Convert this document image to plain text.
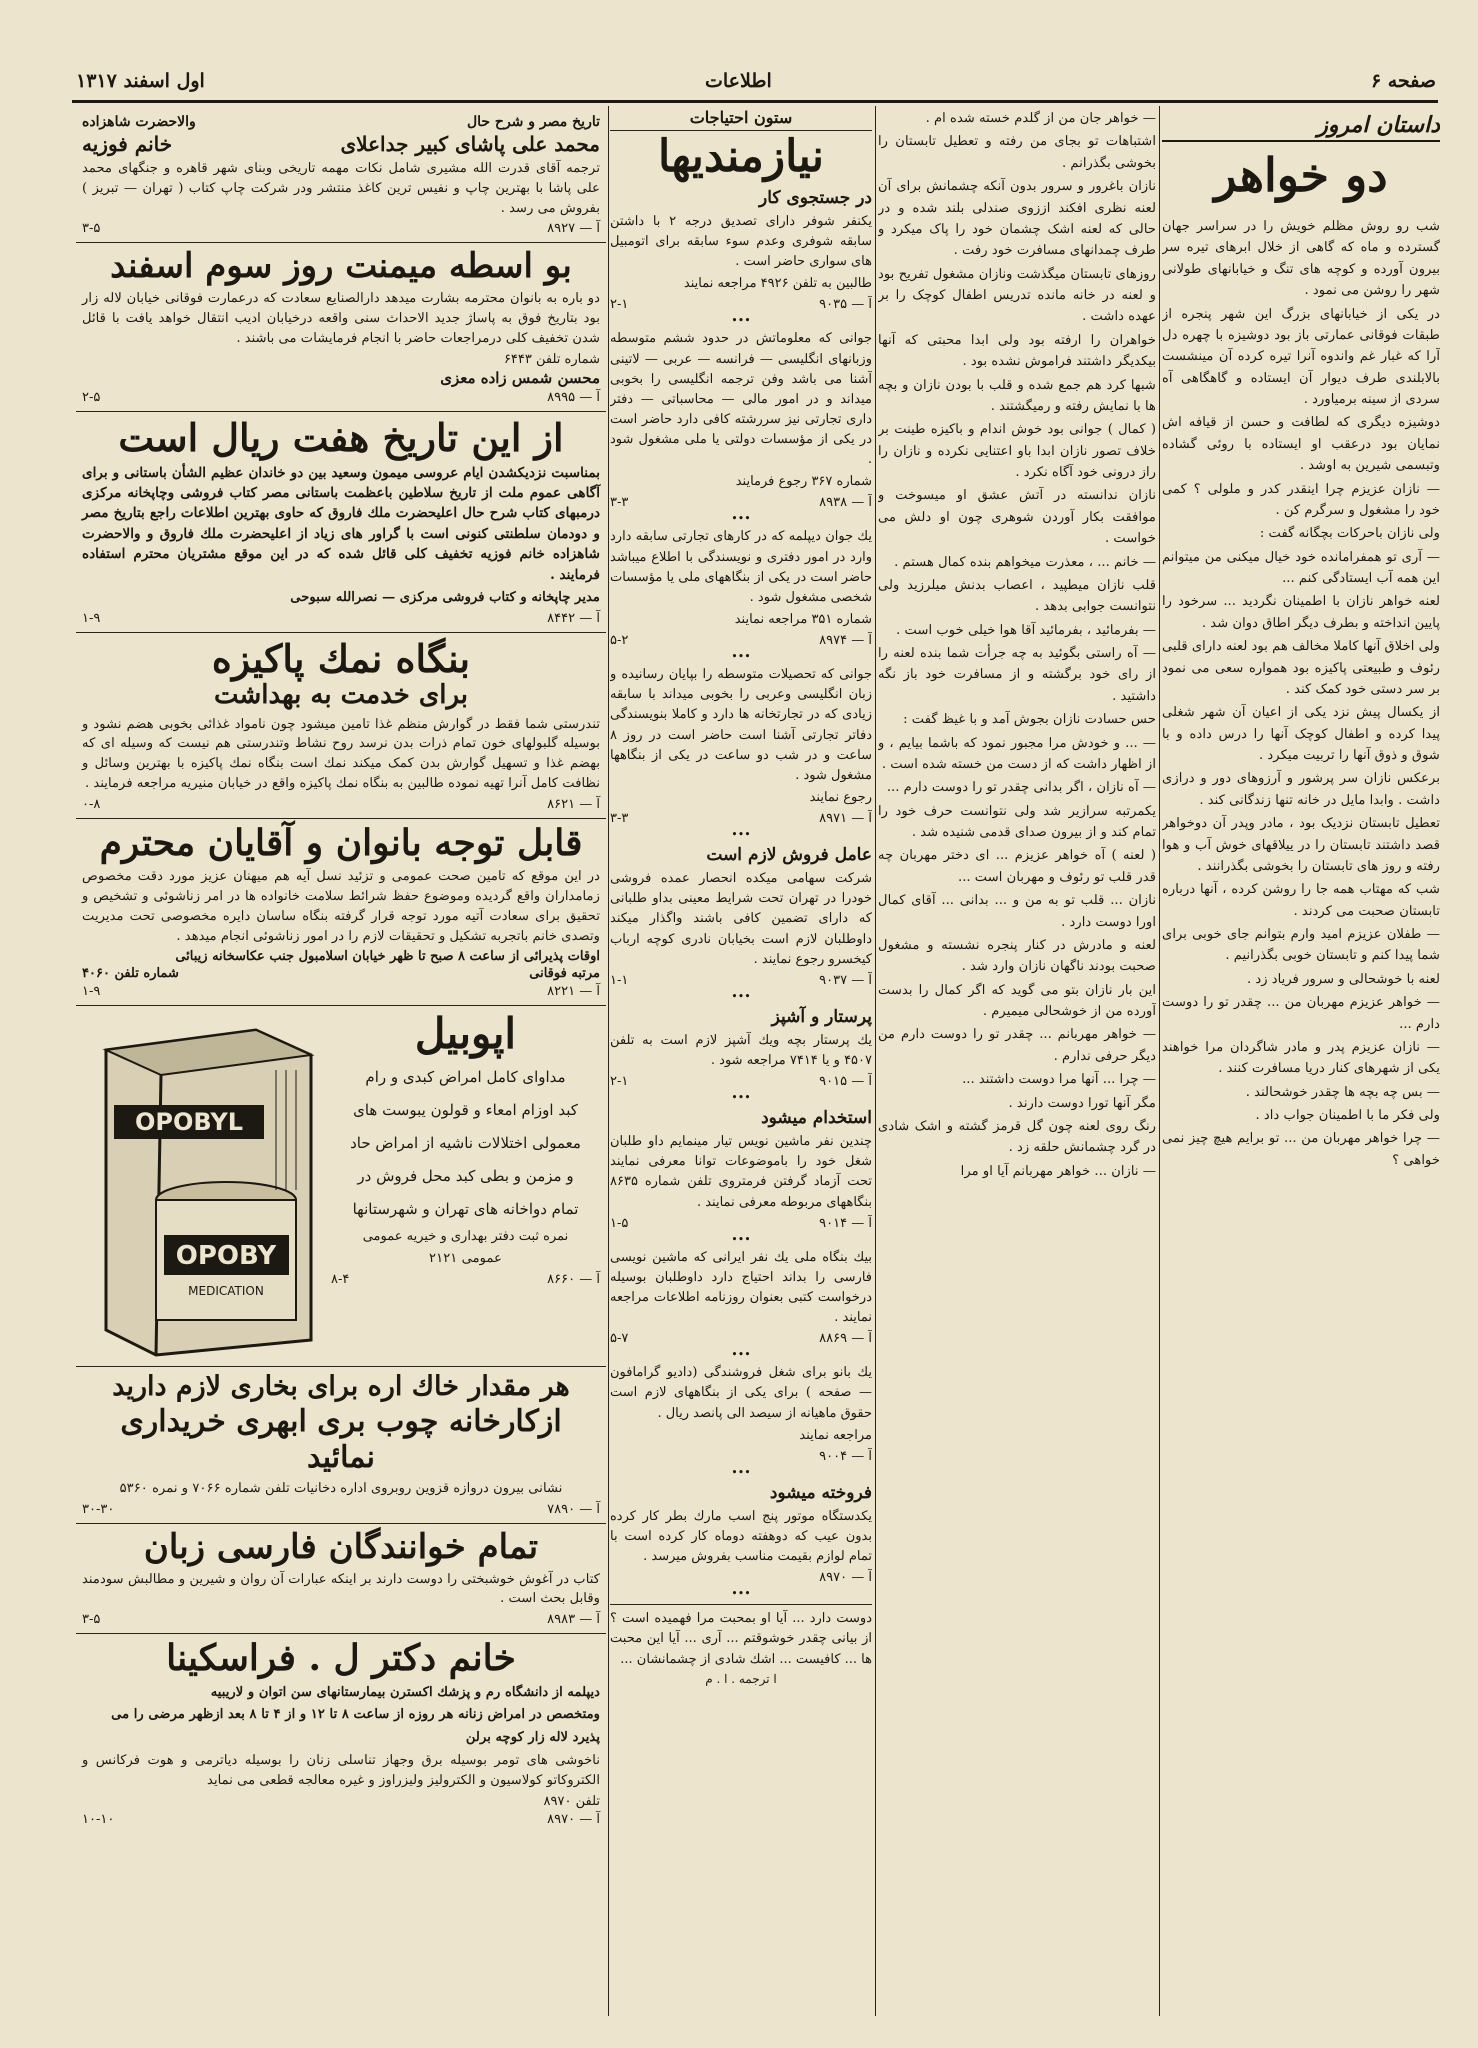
صفحه ۶
اطلاعات
اول اسفند ۱۳۱۷
داستان امروز
دو خواهر

شب رو روش مظلم خویش را در سراسر جهان گسترده و ماه که گاهی از خلال ابرهای تیره سر بیرون آورده و کوچه های تنگ و خیابانهای طولانی شهر را روشن می نمود .

در یکی از خیابانهای بزرگ این شهر پنجره از طبقات فوقانی عمارتی باز بود دوشیزه با چهره دل آرا که غبار غم واندوه آنرا تیره کرده آن مینشست بالابلندی طرف دیوار آن ایستاده و گاهگاهی آه سردی از سینه برمیاورد .

دوشیزه دیگری که لطافت و حسن از قیافه اش نمایان بود درعقب او ایستاده با روئی گشاده وتبسمی شیرین به اوشد .

— نازان عزیزم چرا اینقدر کدر و ملولی ؟ کمی خود را مشغول و سرگرم کن .

ولی نازان باحرکات بچگانه گفت :

— آری تو همفرامانده خود خیال میکنی من میتوانم این همه آب ایستادگی کنم ...

لعنه خواهر نازان با اطمینان نگردید ... سرخود را پایین انداخته و بطرف دیگر اطاق دوان شد .

ولی اخلاق آنها کاملا مخالف هم بود لعنه دارای قلبی رئوف و طبیعتی پاکیزه بود همواره سعی می نمود بر سر دستی خود کمک کند .

از یکسال پیش نزد یکی از اعیان آن شهر شغلی پیدا کرده و اطفال کوچک آنها را درس داده و با شوق و ذوق آنها را تربیت میکرد .

برعکس نازان سر پرشور و آرزوهای دور و درازی داشت . وابدا مایل در خانه تنها زندگانی کند .

تعطیل تابستان نزدیک بود ، مادر وپدر آن دوخواهر قصد داشتند تابستان را در ییلاقهای خوش آب و هوا رفته و روز های تابستان را بخوشی بگذرانند .

شب که مهتاب همه جا را روشن کرده ، آنها درباره تابستان صحبت می کردند .

— طفلان عزیزم امید وارم بتوانم جای خوبی برای شما پیدا کنم و تابستان خوبی بگذرانیم .

لعنه با خوشحالی و سرور فریاد زد .

— خواهر عزیزم مهربان من ... چقدر تو را دوست دارم ...

— نازان عزیزم پدر و مادر شاگردان مرا خواهند یکی از شهرهای کنار دریا مسافرت کنند .

— بس چه بچه ها چقدر خوشحالند .

ولی فکر ما با اطمینان جواب داد .

— چرا خواهر مهربان من ... تو برایم هیچ چیز نمی خواهی ؟

— خواهر جان من از گلدم خسته شده ام .

اشتباهات تو بجای من رفته و تعطیل تابستان را بخوشی بگذرانم .

نازان باغرور و سرور بدون آنکه چشمانش برای آن لعنه نظری افکند اززوی صندلی بلند شده و در حالی که لعنه اشک چشمان خود را پاک میکرد و طرف چمدانهای مسافرت خود رفت .

روزهای تابستان میگذشت ونازان مشغول تفریح بود و لعنه در خانه مانده تدریس اطفال کوچک را بر عهده داشت .

خواهران را ارفته بود ولی ابدا محبتی که آنها بیکدیگر داشتند فراموش نشده بود .

شبها کرد هم جمع شده و قلب با بودن نازان و بچه ها با نمایش رفته و رمیگشتند .

( کمال ) جوانی بود خوش اندام و باکیزه طینت بر خلاف تصور نازان ابدا باو اعتنایی نکرده و نازان را راز درونی خود آگاه نکرد .

نازان ندانسته در آتش عشق او میسوخت و موافقت بکار آوردن شوهری چون او دلش می خواست .

— خانم ... ، معذرت میخواهم بنده کمال هستم .

قلب نازان میطپید ، اعصاب بدنش میلرزید ولی نتوانست جوابی بدهد .

— بفرمائید ، بفرمائید آقا هوا خیلی خوب است .

— آه راستی بگوئید به چه جرأت شما بنده لعنه را از رای خود برگشته و از مسافرت خود باز نگه داشتید .

حس حسادت نازان بجوش آمد و با غیظ گفت :

— ... و خودش مرا مجبور نمود که باشما بیایم ، و از اظهار داشت که از دست من خسته شده است .

— آه نازان ، اگر بدانی چقدر تو را دوست دارم ...

یکمرتبه سرازیر شد ولی نتوانست حرف خود را تمام کند و از بیرون صدای قدمی شنیده شد .

( لعنه ) آه خواهر عزیزم ... ای دختر مهربان چه قدر قلب تو رئوف و مهربان است ...

نازان ... قلب تو به من و ... بدانی ... آقای کمال اورا دوست دارد .

لعنه و مادرش در کنار پنجره نشسته و مشغول صحبت بودند ناگهان نازان وارد شد .

این بار نازان بتو می گوید که اگر کمال را بدست آورده من از خوشحالی میمیرم .

— خواهر مهربانم ... چقدر تو را دوست دارم من دیگر حرفی ندارم .

— چرا ... آنها مرا دوست داشتند ...

مگر آنها تورا دوست دارند .

رنگ روی لعنه چون گل قرمز گشته و اشک شادی در گرد چشمانش حلقه زد .

— نازان ... خواهر مهربانم آیا او مرا

ستون احتیاجات
نیازمندیها
در جستجوی کار
یکنفر شوفر دارای تصدیق درجه ۲ با داشتن سابقه شوفری وعدم سوء سابقه برای اتومبیل های سواری حاضر است .
طالبین به تلفن ۴۹۲۶ مراجعه نمایند
آ — ۹۰۳۵
۲-۱
•••
جوانی که معلوماتش در حدود ششم متوسطه وزبانهای انگلیسی — فرانسه — عربی — لاتینی آشنا می باشد وفن ترجمه انگلیسی را بخوبی میداند و در امور مالی — محاسباتی — دفتر داری تجارتی نیز سررشته کافی دارد حاضر است در یکی از مؤسسات دولتی یا ملی مشغول شود .
شماره ۳۶۷ رجوع فرمایند
آ — ۸۹۳۸
۳-۳
•••
یك جوان دیپلمه که در کارهای تجارتی سابقه دارد وارد در امور دفتری و نویسندگی با اطلاع میباشد حاضر است در یکی از بنگاههای ملی یا مؤسسات شخصی مشغول شود .
شماره ۳۵۱ مراجعه نمایند
آ — ۸۹۷۴
۵-۲
•••
جوانی که تحصیلات متوسطه را بپایان رسانیده و زبان انگلیسی وعربی را بخوبی میداند با سابقه زیادی که در تجارتخانه ها دارد و کاملا بنویسندگی دفاتر تجارتی آشنا است حاضر است در روز ۸ ساعت و در شب دو ساعت در یکی از بنگاهها مشغول شود .
رجوع نمایند
آ — ۸۹۷۱
۳-۳
•••
عامل فروش لازم است
شرکت سهامی میکده انحصار عمده فروشی خودرا در تهران تحت شرایط معینی بداو طلبانی که دارای تضمین کافی باشند واگذار میکند داوطلبان لازم است بخیابان نادری کوچه ارباب کیخسرو رجوع نمایند .
آ — ۹۰۳۷
۱-۱
•••
پرستار و آشپز
یك پرستار بچه ویك آشپز لازم است به تلفن ۴۵۰۷ و یا ۷۴۱۴ مراجعه شود .
آ — ۹۰۱۵
۲-۱
•••
استخدام میشود
چندین نفر ماشین نویس تیار مینمایم داو طلبان شغل خود را باموضوعات توانا معرفی نمایند تحت آزماد گرفتن فرمتروی تلفن شماره ۸۶۳۵ بنگاههای مربوطه معرفی نمایند .
آ — ۹۰۱۴
۱-۵
•••
بیك بنگاه ملی یك نفر ایرانی که ماشین نویسی فارسی را بداند احتیاج دارد داوطلبان بوسیله درخواست کتبی بعنوان روزنامه اطلاعات مراجعه نمایند .
آ — ۸۸۶۹
۵-۷
•••
یك بانو برای شغل فروشندگی (دادیو گرامافون — صفحه ) برای یکی از بنگاههای لازم است حقوق ماهیانه از سیصد الی پانصد ریال .
مراجعه نمایند
آ — ۹۰۰۴
•••
فروخته میشود
یکدستگاه موتور پنج اسب مارك بطر کار کرده بدون عیب که دوهفته دوماه کار کرده است با تمام لوازم بقیمت مناسب بفروش میرسد .
آ — ۸۹۷۰
•••
دوست دارد ... آیا او بمحبت مرا فهمیده است ؟ از بیانی چقدر خوشوقتم ... آری ... آیا این محبت ها ... کافیست ... اشك شادی از چشمانشان ...
ا ترجمه . ا . م
تاریخ مصر و شرح حال
والاحضرت شاهزاده
محمد علی پاشای کبیر جداعلای
خانم فوزیه
ترجمه آقای قدرت الله مشیری شامل نکات مهمه تاریخی وبنای شهر قاهره و جنگهای محمد علی پاشا با بهترین چاپ و نفیس ترین کاغذ منتشر ودر شرکت چاپ کتاب ( تهران — تبریز ) بفروش می رسد .
آ — ۸۹۲۷
۳-۵
بو اسطه میمنت روز سوم اسفند
دو باره به بانوان محترمه بشارت میدهد دارالصنایع سعادت که درعمارت فوقانی خیابان لاله زار بود بتاریخ فوق به پاساژ جدید الاحداث سنی واقعه درخیابان ادیب انتقال خواهد یافت با قائل شدن تخفیف کلی درمراجعات حاضر با انجام فرمایشات می باشند .
شماره تلفن ۶۴۴۳
محسن شمس زاده معزی
آ — ۸۹۹۵
۲-۵
از این تاریخ هفت ریال است
بمناسبت نزدیکشدن ایام عروسی میمون وسعید بین دو خاندان عظیم الشأن باستانی و برای آگاهی عموم ملت از تاریخ سلاطین باعظمت باستانی مصر کتاب فروشی وچاپخانه مرکزی درمبهای کتاب شرح حال اعلیحضرت ملك فاروق که حاوی بهترین اطلاعات راجع بتاریخ مصر و دودمان سلطنتی کنونی است با گراور های زیاد از اعلیحضرت ملك فاروق و والاحضرت شاهزاده خانم فوزیه تخفیف کلی قائل شده که در این موقع مشتریان محترم استفاده فرمایند .
مدیر چاپخانه و کتاب فروشی مرکزی — نصرالله سبوحی
آ — ۸۴۴۲
۱-۹
بنگاه نمك پاکیزه
برای خدمت به بهداشت
تندرستی شما فقط در گوارش منظم غذا تامین میشود چون نامواد غذائی بخوبی هضم نشود و بوسیله گلبولهای خون تمام ذرات بدن نرسد روح نشاط وتندرستی هم نیست که وسیله ای که بهضم غذا و تسهیل گوارش بدن کمک میکند نمك است بنگاه نمك پاکیزه با بهترین وسائل و نظافت کامل آنرا تهیه نموده طالبین به بنگاه نمك پاکیزه واقع در خیابان منیریه مراجعه فرمایند .
آ — ۸۶۲۱
۰-۸
قابل توجه بانوان و آقایان محترم
در این موقع که تامین صحت عمومی و تزئید نسل آیه هم میهنان عزیز مورد دقت مخصوص زمامداران واقع گردیده وموضوع حفظ شرائط سلامت خانواده ها در امر زناشوئی و تشخیص و تحقیق برای سعادت آتیه مورد توجه قرار گرفته بنگاه ساسان دایره مخصوصی تحت مدیریت وتصدی خانم باتجربه تشکیل و تحقیقات لازم را در امور زناشوئی انجام میدهد .
اوقات پذیرائی از ساعت ۸ صبح تا ظهر خیابان اسلامبول جنب عکاسخانه زیبائی
مرتبه فوقانی
شماره تلفن ۴۰۶۰
آ — ۸۲۲۱
۱-۹
اپوبیل
مداوای کامل امراض کبدی و رام
کبد اوزام امعاء و قولون یبوست های
معمولی اختلالات ناشیه از امراض حاد
و مزمن و بطی کبد محل فروش در
تمام دواخانه های تهران و شهرستانها
نمره ثبت دفتر بهداری و خیریه عمومی
عمومی ۲۱۲۱
آ — ۸۶۶۰
۸-۴
OPOBYL
OPOBY
MEDICATION
هر مقدار خاك اره برای بخاری لازم دارید
ازکارخانه چوب بری ابهری خریداری نمائید
نشانی بیرون دروازه قزوین روبروی اداره دخانیات تلفن شماره ۷۰۶۶ و نمره ۵۳۶۰
آ — ۷۸۹۰
۳۰-۳۰
تمام خوانندگان فارسی زبان
کتاب در آغوش خوشبختی را دوست دارند بر اینکه عبارات آن روان و شیرین و مطالبش سودمند وقابل بحث است .
آ — ۸۹۸۳
۳-۵
خانم دکتر ل . فراسکینا
دیپلمه از دانشگاه رم و پزشك اکسترن بیمارستانهای سن اتوان و لاریبیه
ومتخصص در امراض زنانه هر روزه از ساعت ۸ تا ۱۲ و از ۴ تا ۸ بعد ازظهر مرضی را می
پذیرد لاله زار کوچه برلن
ناخوشی های تومر بوسیله برق وجهاز تناسلی زنان را بوسیله دیاترمی و هوت فرکانس و الکتروکاتو کولاسیون و الکترولیز ولیزراوز و غیره معالجه قطعی می نماید
تلفن ۸۹۷۰
آ — ۸۹۷۰
۱۰-۱۰
